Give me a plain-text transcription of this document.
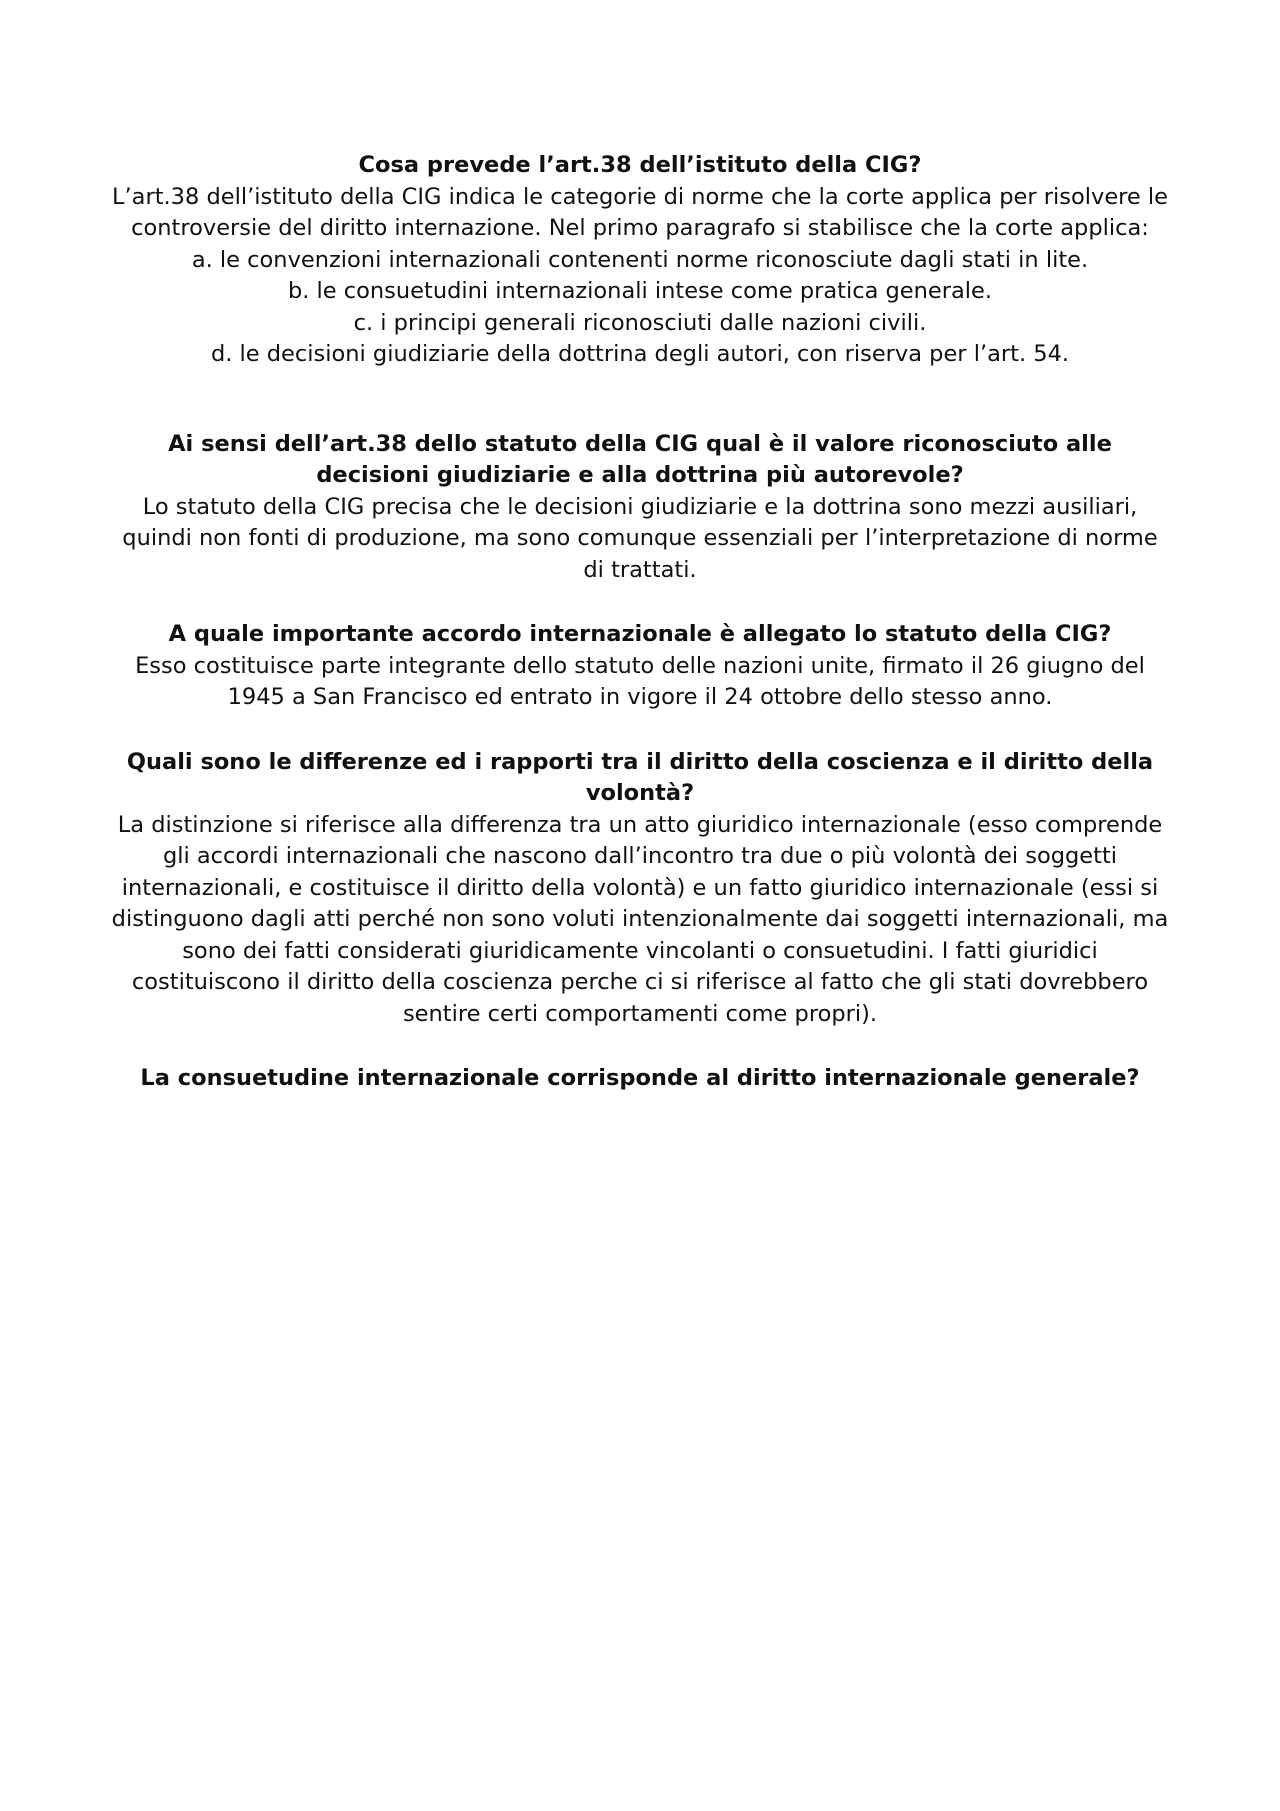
Cosa prevede l’art.38 dell’istituto della CIG?

L’art.38 dell’istituto della CIG indica le categorie di norme che la corte applica per risolvere le controversie del diritto internazione. Nel primo paragrafo si stabilisce che la corte applica:

a. le convenzioni internazionali contenenti norme riconosciute dagli stati in lite.

b. le consuetudini internazionali intese come pratica generale.

c. i principi generali riconosciuti dalle nazioni civili.

d. le decisioni giudiziarie della dottrina degli autori, con riserva per l’art. 54.

Ai sensi dell’art.38 dello statuto della CIG qual è il valore riconosciuto alle decisioni giudiziarie e alla dottrina più autorevole?

Lo statuto della CIG precisa che le decisioni giudiziarie e la dottrina sono mezzi ausiliari, quindi non fonti di produzione, ma sono comunque essenziali per l’interpretazione di norme di trattati.

A quale importante accordo internazionale è allegato lo statuto della CIG?

Esso costituisce parte integrante dello statuto delle nazioni unite, firmato il 26 giugno del 1945 a San Francisco ed entrato in vigore il 24 ottobre dello stesso anno.

Quali sono le differenze ed i rapporti tra il diritto della coscienza e il diritto della volontà?

La distinzione si riferisce alla differenza tra un atto giuridico internazionale (esso comprende gli accordi internazionali che nascono dall’incontro tra due o più volontà dei soggetti internazionali, e costituisce il diritto della volontà) e un fatto giuridico internazionale (essi si distinguono dagli atti perché non sono voluti intenzionalmente dai soggetti internazionali, ma sono dei fatti considerati giuridicamente vincolanti o consuetudini. I fatti giuridici costituiscono il diritto della coscienza perche ci si riferisce al fatto che gli stati dovrebbero sentire certi comportamenti come propri).

La consuetudine internazionale corrisponde al diritto internazionale generale?
